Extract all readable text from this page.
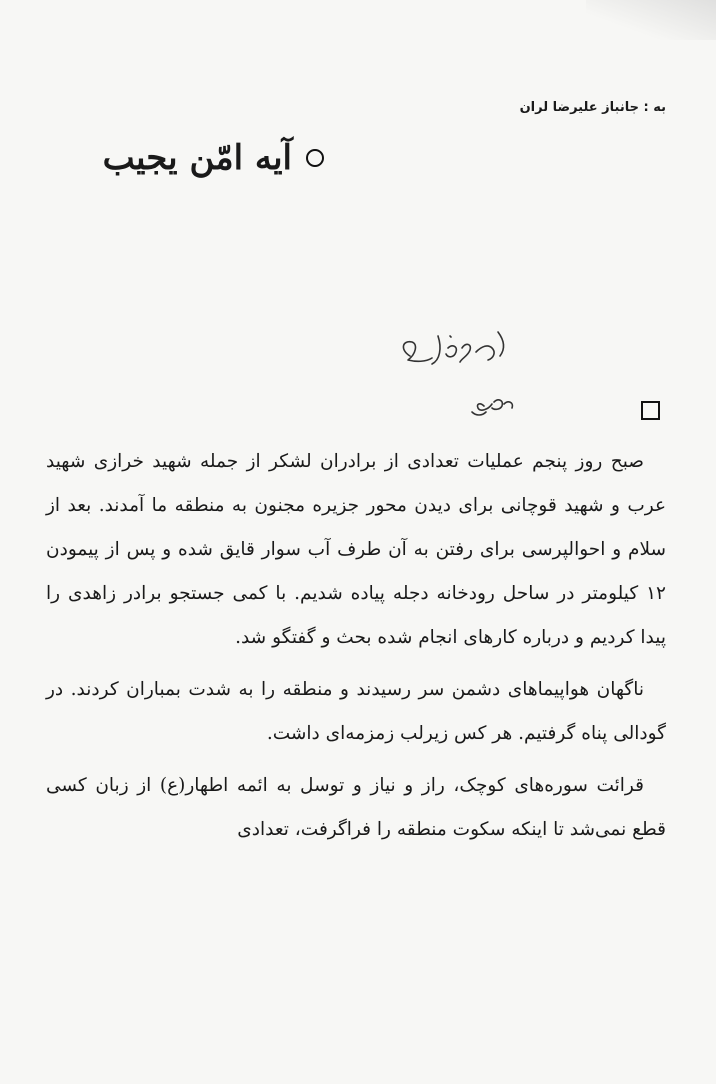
به : جانباز علیرضا لران
آیه امّن یجیب

صبح روز پنجم عملیات تعدادی از برادران لشکر از جمله شهید خرازی شهید عرب و شهید قوچانی برای دیدن محور جزیره مجنون به منطقه ما آمدند. بعد از سلام و احوالپرسی برای رفتن به آن طرف آب سوار قایق شده و پس از پیمودن ۱۲ کیلومتر در ساحل رودخانه دجله پیاده شدیم. با کمی جستجو برادر زاهدی را پیدا کردیم و درباره کارهای انجام شده بحث و گفتگو شد.

ناگهان هواپیماهای دشمن سر رسیدند و منطقه را به شدت بمباران کردند. در گودالی پناه گرفتیم. هر کس زیرلب زمزمه‌ای داشت.

قرائت سوره‌های کوچک، راز و نیاز و توسل به ائمه اطهار(ع) از زبان کسی قطع نمی‌شد تا اینکه سکوت منطقه را فراگرفت، تعدادی
